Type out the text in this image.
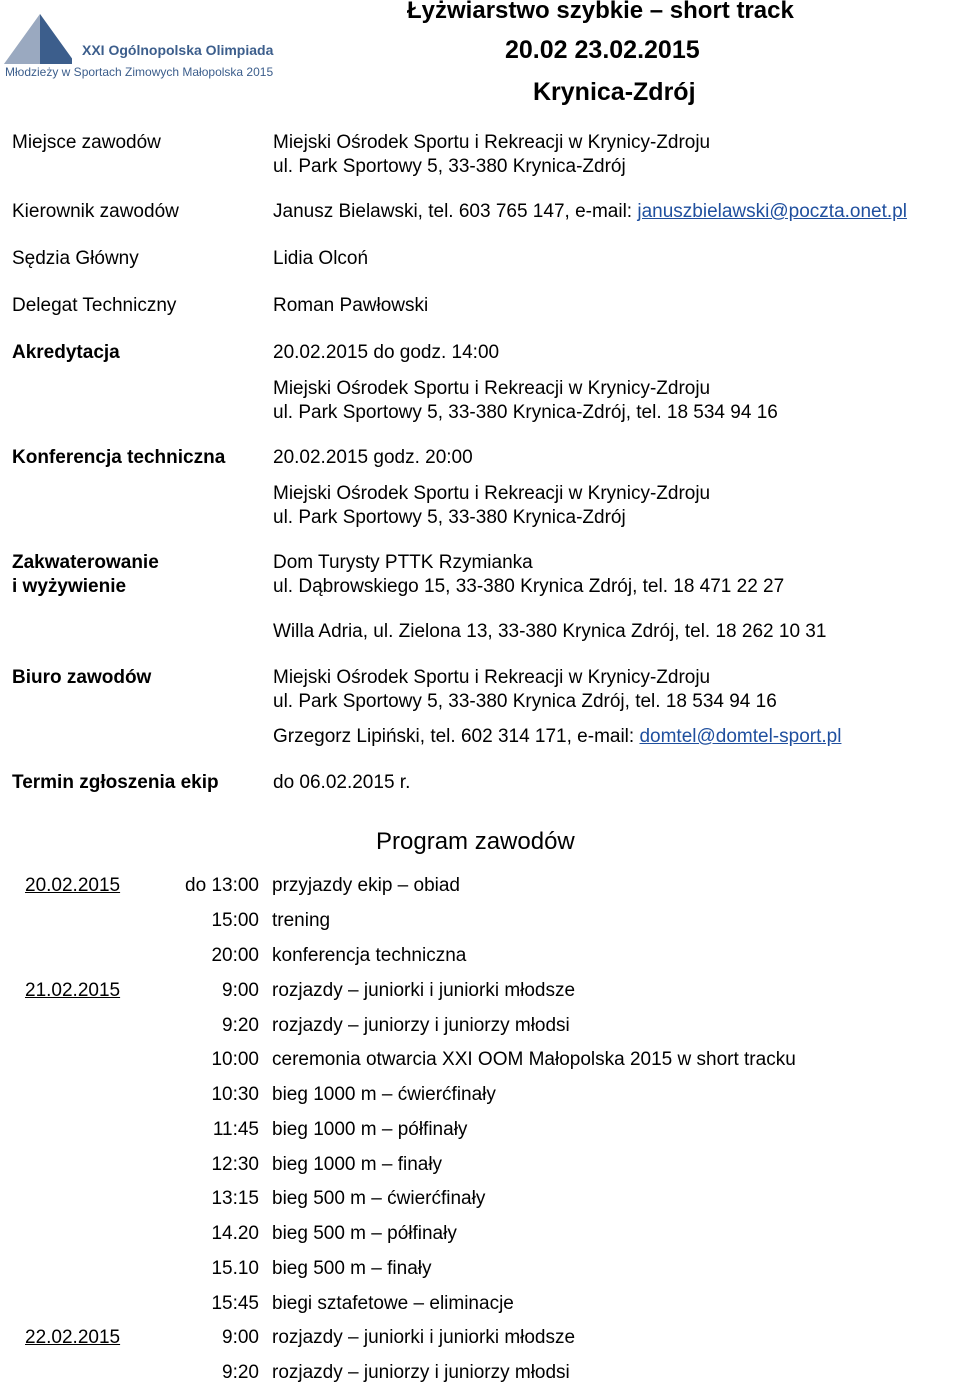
XXI Ogólnopolska Olimpiada
Młodzieży w Sportach Zimowych Małopolska 2015
Łyżwiarstwo szybkie – short track
20.02 23.02.2015
Krynica-Zdrój
Miejsce zawodów	Miejski Ośrodek Sportu i Rekreacji w Krynicy-Zdroju
ul. Park Sportowy 5, 33-380 Krynica-Zdrój
Kierownik zawodów	Janusz Bielawski, tel. 603 765 147, e-mail: januszbielawski@poczta.onet.pl
Sędzia Główny	Lidia Olcoń
Delegat Techniczny	Roman Pawłowski
Akredytacja	20.02.2015 do godz. 14:00
Miejski Ośrodek Sportu i Rekreacji w Krynicy-Zdroju
ul. Park Sportowy 5, 33-380 Krynica-Zdrój, tel. 18 534 94 16
Konferencja techniczna	20.02.2015 godz. 20:00
Miejski Ośrodek Sportu i Rekreacji w Krynicy-Zdroju
ul. Park Sportowy 5, 33-380 Krynica-Zdrój
Zakwaterowanie
i wyżywienie
Dom Turysty PTTK Rzymianka
ul. Dąbrowskiego 15, 33-380 Krynica Zdrój, tel. 18 471 22 27
Willa Adria, ul. Zielona 13, 33-380 Krynica Zdrój, tel. 18 262 10 31
Biuro zawodów	Miejski Ośrodek Sportu i Rekreacji w Krynicy-Zdroju
ul. Park Sportowy 5, 33-380 Krynica Zdrój, tel. 18 534 94 16
Grzegorz Lipiński, tel. 602 314 171, e-mail: domtel@domtel-sport.pl
Termin zgłoszenia ekip	do 06.02.2015 r.
Program zawodów
20.02.2015	do 13:00 przyjazdy ekip – obiad
15:00 trening
20:00 konferencja techniczna
21.02.2015	9:00 rozjazdy – juniorki i juniorki młodsze
9:20 rozjazdy – juniorzy i juniorzy młodsi
10:00 ceremonia otwarcia XXI OOM Małopolska 2015 w short tracku
10:30 bieg 1000 m – ćwierćfinały
11:45 bieg 1000 m – półfinały
12:30 bieg 1000 m – finały
13:15 bieg 500 m – ćwierćfinały
14.20 bieg 500 m – półfinały
15.10 bieg 500 m – finały
15:45 biegi sztafetowe – eliminacje
22.02.2015	9:00 rozjazdy – juniorki i juniorki młodsze
9:20 rozjazdy – juniorzy i juniorzy młodsi
